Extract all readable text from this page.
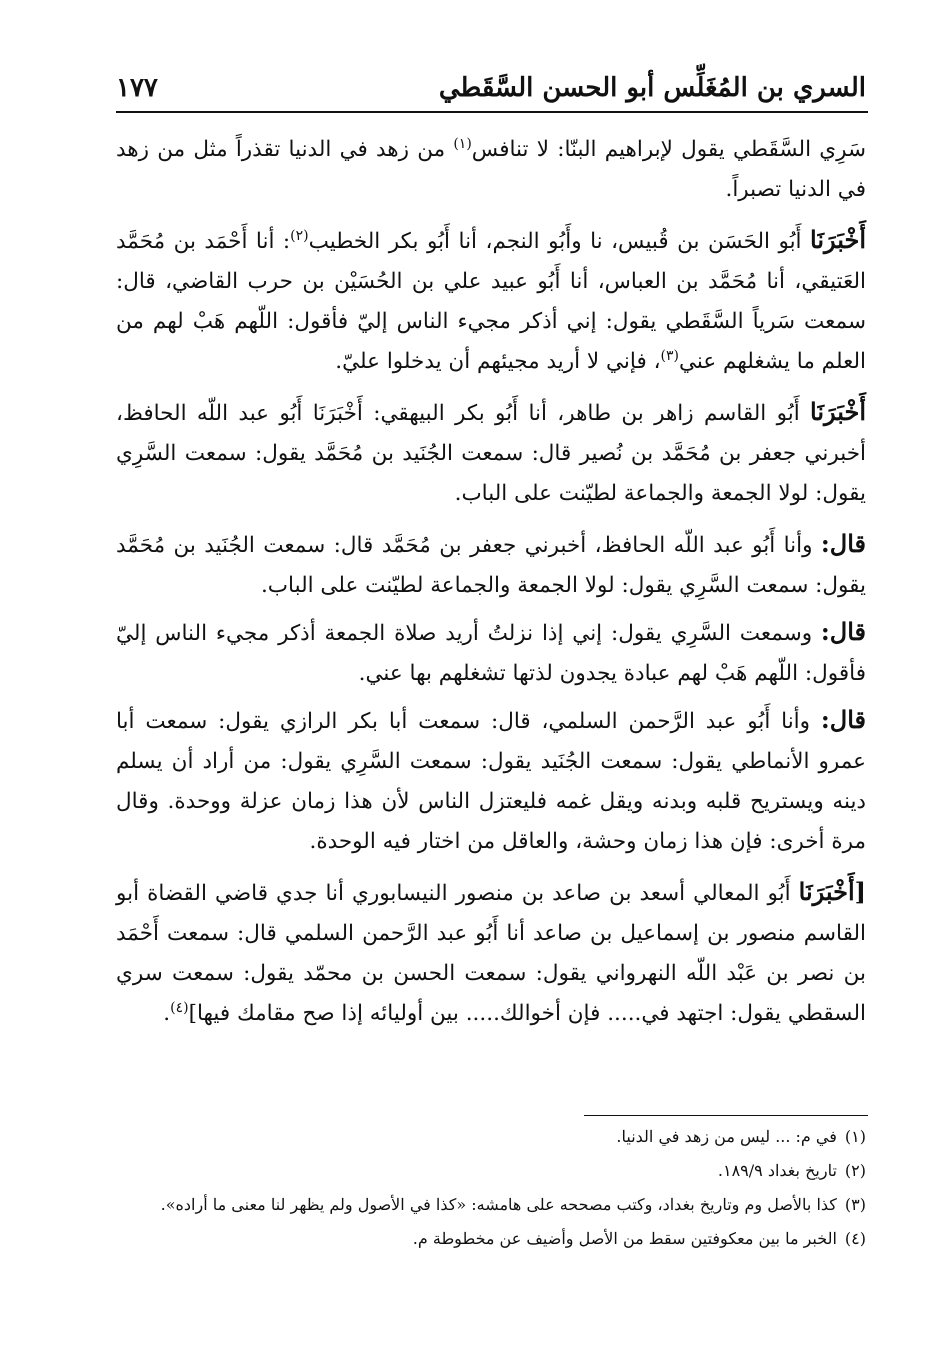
السري بن المُغَلِّس أبو الحسن السَّقَطي
١٧٧

سَرِي السَّقَطي يقول لإبراهيم البنّا: لا تنافس$^{(١)}$ من زهد في الدنيا تقذراً مثل من زهد في الدنيا تصبراً.

أَخْبَرَنَا أَبُو الحَسَن بن قُبيس، نا وأَبُو النجم، أنا أَبُو بكر الخطيب$^{(٢)}$: أنا أَحْمَد بن مُحَمَّد العَتيقي، أنا مُحَمَّد بن العباس، أنا أَبُو عبيد علي بن الحُسَيْن بن حرب القاضي، قال: سمعت سَرياً السَّقَطي يقول: إني أذكر مجيء الناس إليّ فأقول: اللّهم هَبْ لهم من العلم ما يشغلهم عني$^{(٣)}$، فإني لا أريد مجيئهم أن يدخلوا عليّ.

أَخْبَرَنَا أَبُو القاسم زاهر بن طاهر، أنا أَبُو بكر البيهقي: أَخْبَرَنَا أَبُو عبد اللّه الحافظ، أخبرني جعفر بن مُحَمَّد بن نُصير قال: سمعت الجُنَيد بن مُحَمَّد يقول: سمعت السَّرِي يقول: لولا الجمعة والجماعة لطيّنت على الباب.

قال: وأنا أَبُو عبد اللّه الحافظ، أخبرني جعفر بن مُحَمَّد قال: سمعت الجُنَيد بن مُحَمَّد يقول: سمعت السَّرِي يقول: لولا الجمعة والجماعة لطيّنت على الباب.

قال: وسمعت السَّرِي يقول: إني إذا نزلتُ أريد صلاة الجمعة أذكر مجيء الناس إليّ فأقول: اللّهم هَبْ لهم عبادة يجدون لذتها تشغلهم بها عني.

قال: وأنا أَبُو عبد الرَّحمن السلمي، قال: سمعت أبا بكر الرازي يقول: سمعت أبا عمرو الأنماطي يقول: سمعت الجُنَيد يقول: سمعت السَّرِي يقول: من أراد أن يسلم دينه ويستريح قلبه وبدنه ويقل غمه فليعتزل الناس لأن هذا زمان عزلة ووحدة. وقال مرة أخرى: فإن هذا زمان وحشة، والعاقل من اختار فيه الوحدة.

[أَخْبَرَنَا أَبُو المعالي أسعد بن صاعد بن منصور النيسابوري أنا جدي قاضي القضاة أبو القاسم منصور بن إسماعيل بن صاعد أنا أَبُو عبد الرَّحمن السلمي قال: سمعت أَحْمَد بن نصر بن عَبْد اللّه النهرواني يقول: سمعت الحسن بن محمّد يقول: سمعت سري السقطي يقول: اجتهد في..... فإن أخوالك..... بين أوليائه إذا صح مقامك فيها]$^{(٤)}$.

(١)
في م: ... ليس من زهد في الدنيا.
(٢)
تاريخ بغداد ١٨٩/٩.
(٣)
كذا بالأصل وم وتاريخ بغداد، وكتب مصححه على هامشه: «كذا في الأصول ولم يظهر لنا معنى ما أراده».
(٤)
الخبر ما بين معكوفتين سقط من الأصل وأضيف عن مخطوطة م.
